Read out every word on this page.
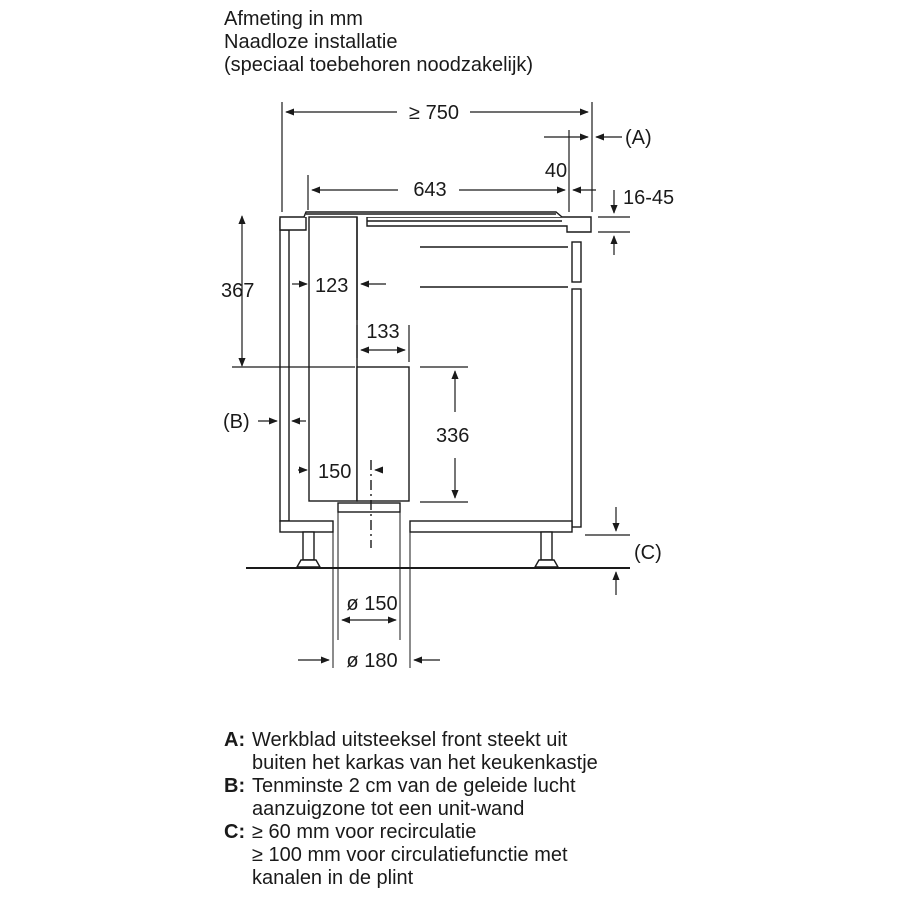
Afmeting in mm
Naadloze installatie
(speciaal toebehoren noodzakelijk)
≥ 750
(A)
40
643	16-45
367	123
133
336
(B)
150
(C)
ø 150
ø 180
A: Werkblad uitsteeksel front steekt uit
buiten het karkas van het keukenkastje
B: Tenminste 2 cm van de geleide lucht
aanzuigzone tot een unit-wand
C: ≥ 60 mm voor recirculatie
≥ 100 mm voor circulatiefunctie met
kanalen in de plint
